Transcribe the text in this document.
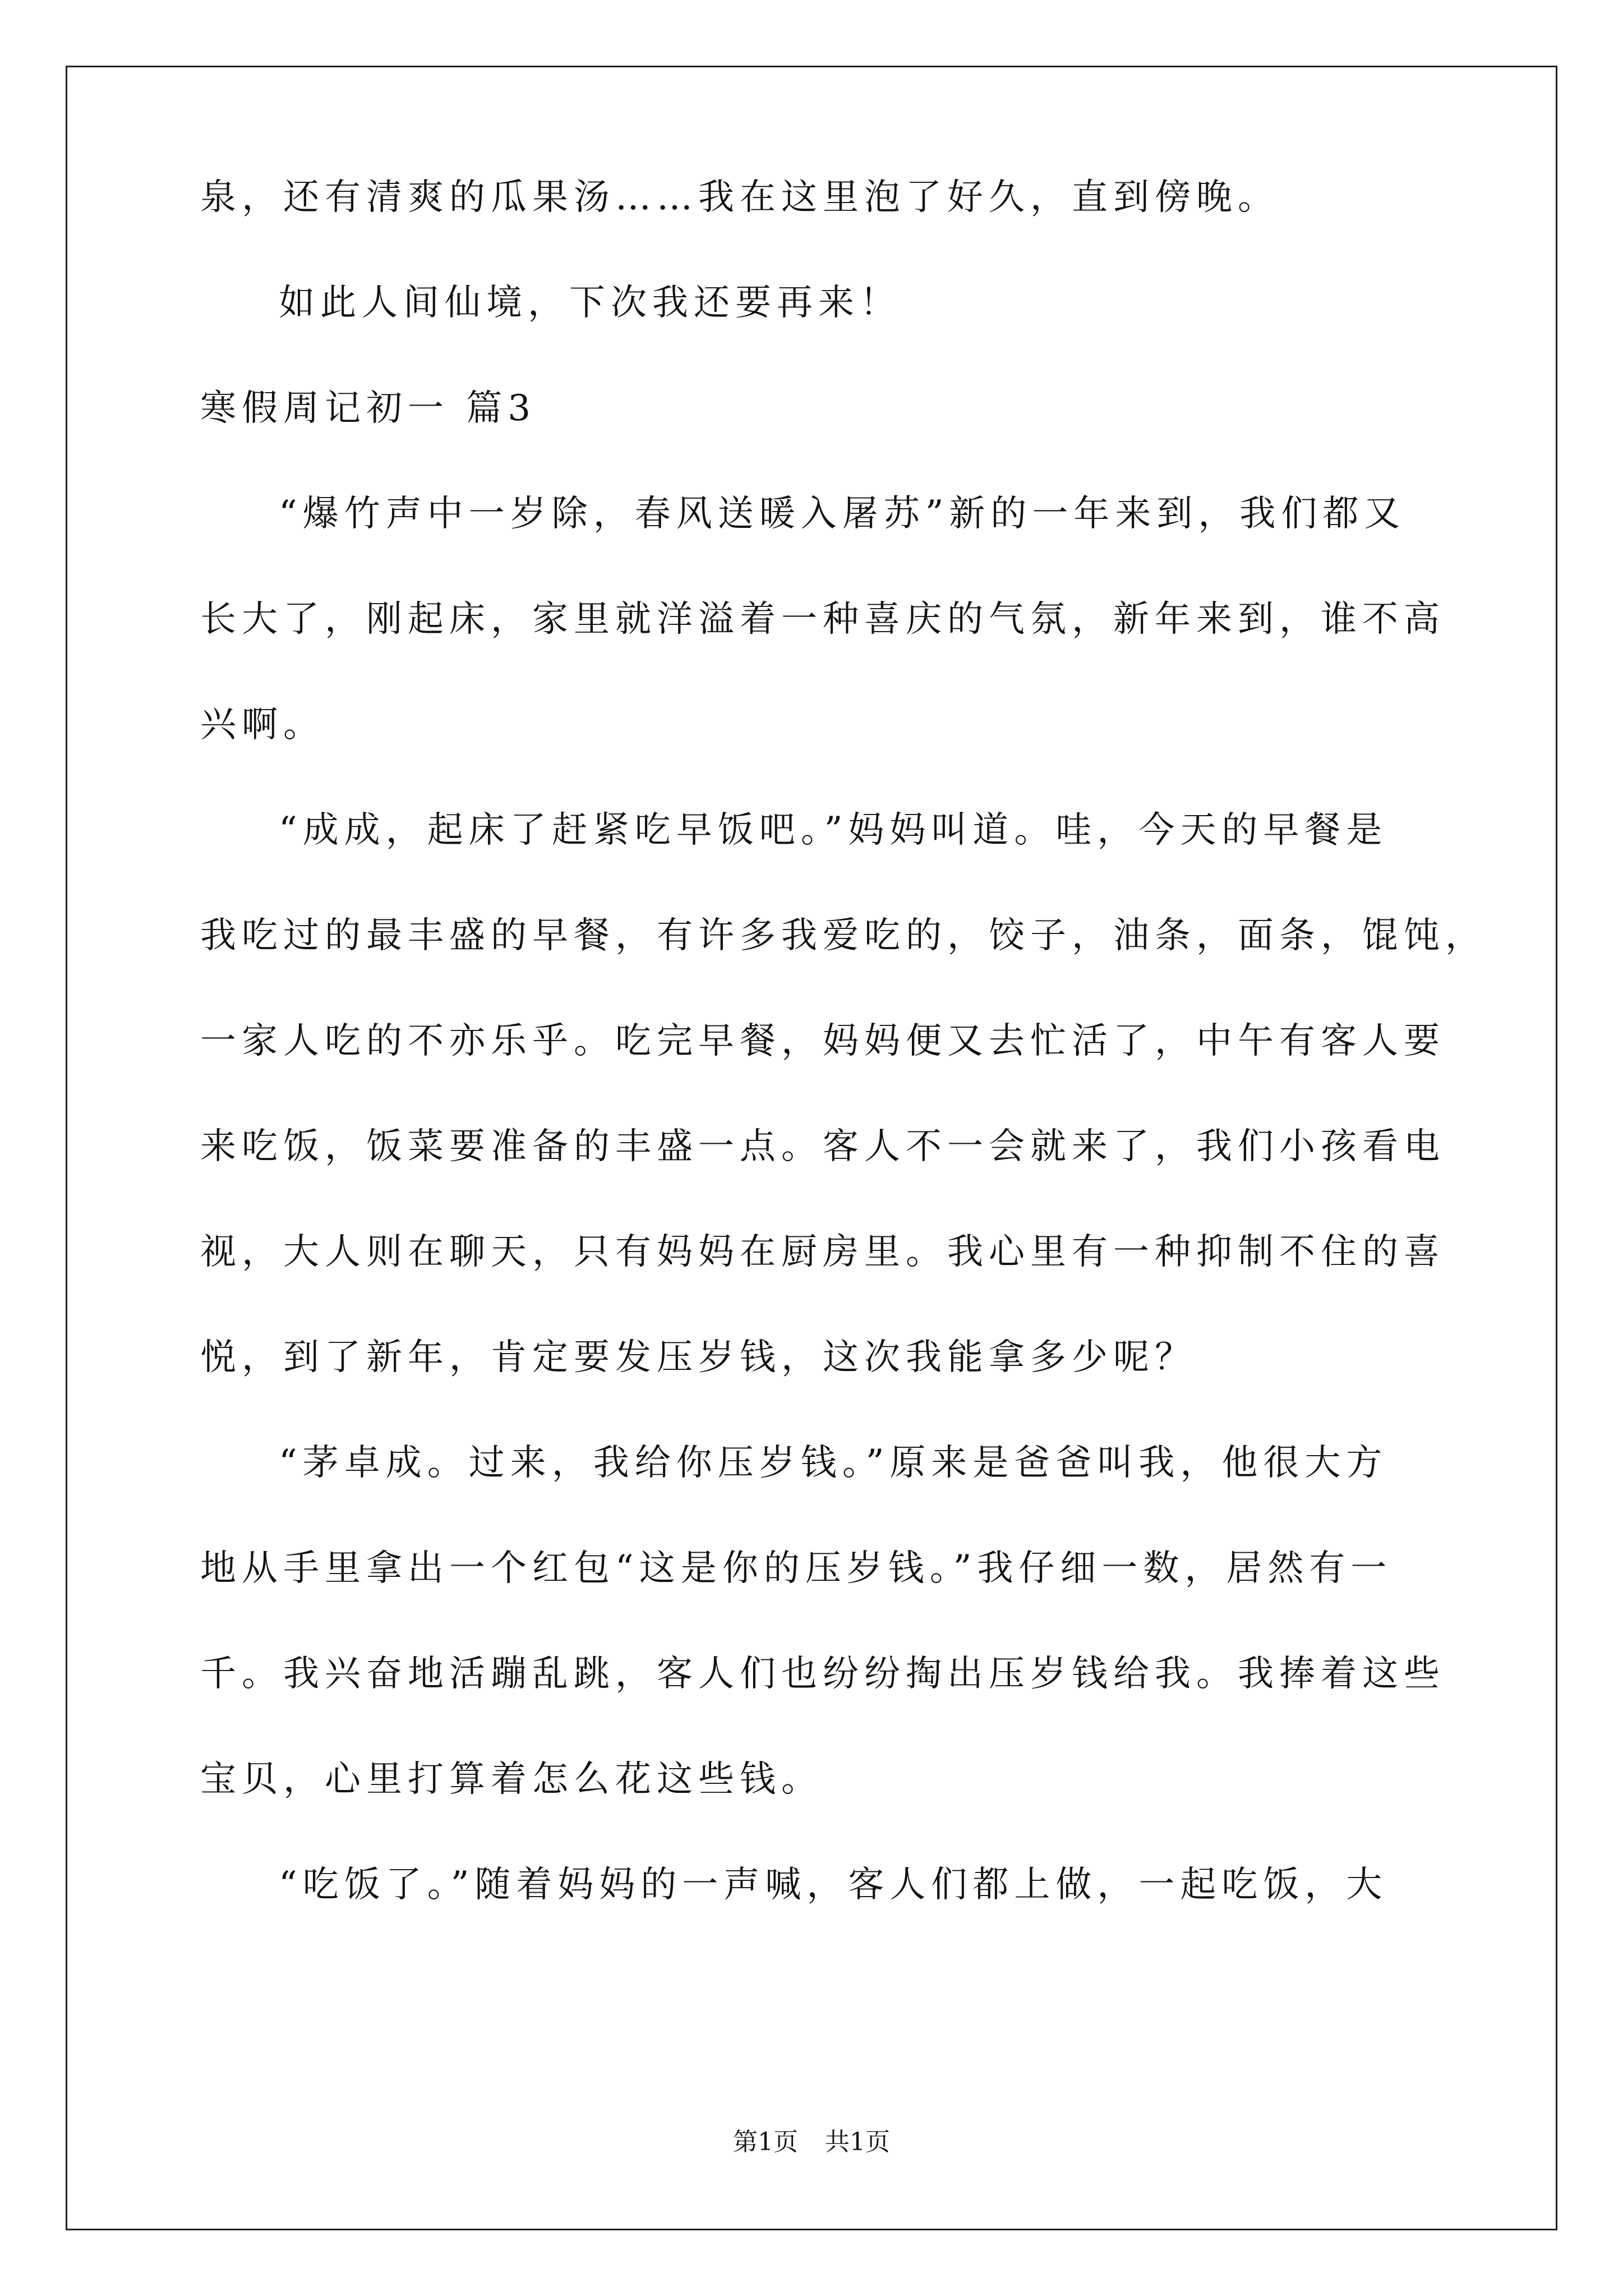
泉，还有清爽的瓜果汤……我在这里泡了好久，直到傍晚。
如此人间仙境，下次我还要再来！
寒假周记初一 篇3
“爆竹声中一岁除，春风送暖入屠苏”新的一年来到，我们都又
长大了，刚起床，家里就洋溢着一种喜庆的气氛，新年来到，谁不高
兴啊。
“成成，起床了赶紧吃早饭吧。”妈妈叫道。哇，今天的早餐是
我吃过的最丰盛的早餐，有许多我爱吃的，饺子，油条，面条，馄饨，
一家人吃的不亦乐乎。吃完早餐，妈妈便又去忙活了，中午有客人要
来吃饭，饭菜要准备的丰盛一点。客人不一会就来了，我们小孩看电
视，大人则在聊天，只有妈妈在厨房里。我心里有一种抑制不住的喜
悦，到了新年，肯定要发压岁钱，这次我能拿多少呢？
“茅卓成。过来，我给你压岁钱。”原来是爸爸叫我，他很大方
地从手里拿出一个红包“这是你的压岁钱。”我仔细一数，居然有一
千。我兴奋地活蹦乱跳，客人们也纷纷掏出压岁钱给我。我捧着这些
宝贝，心里打算着怎么花这些钱。
“吃饭了。”随着妈妈的一声喊，客人们都上做，一起吃饭，大
第1页 共1页
